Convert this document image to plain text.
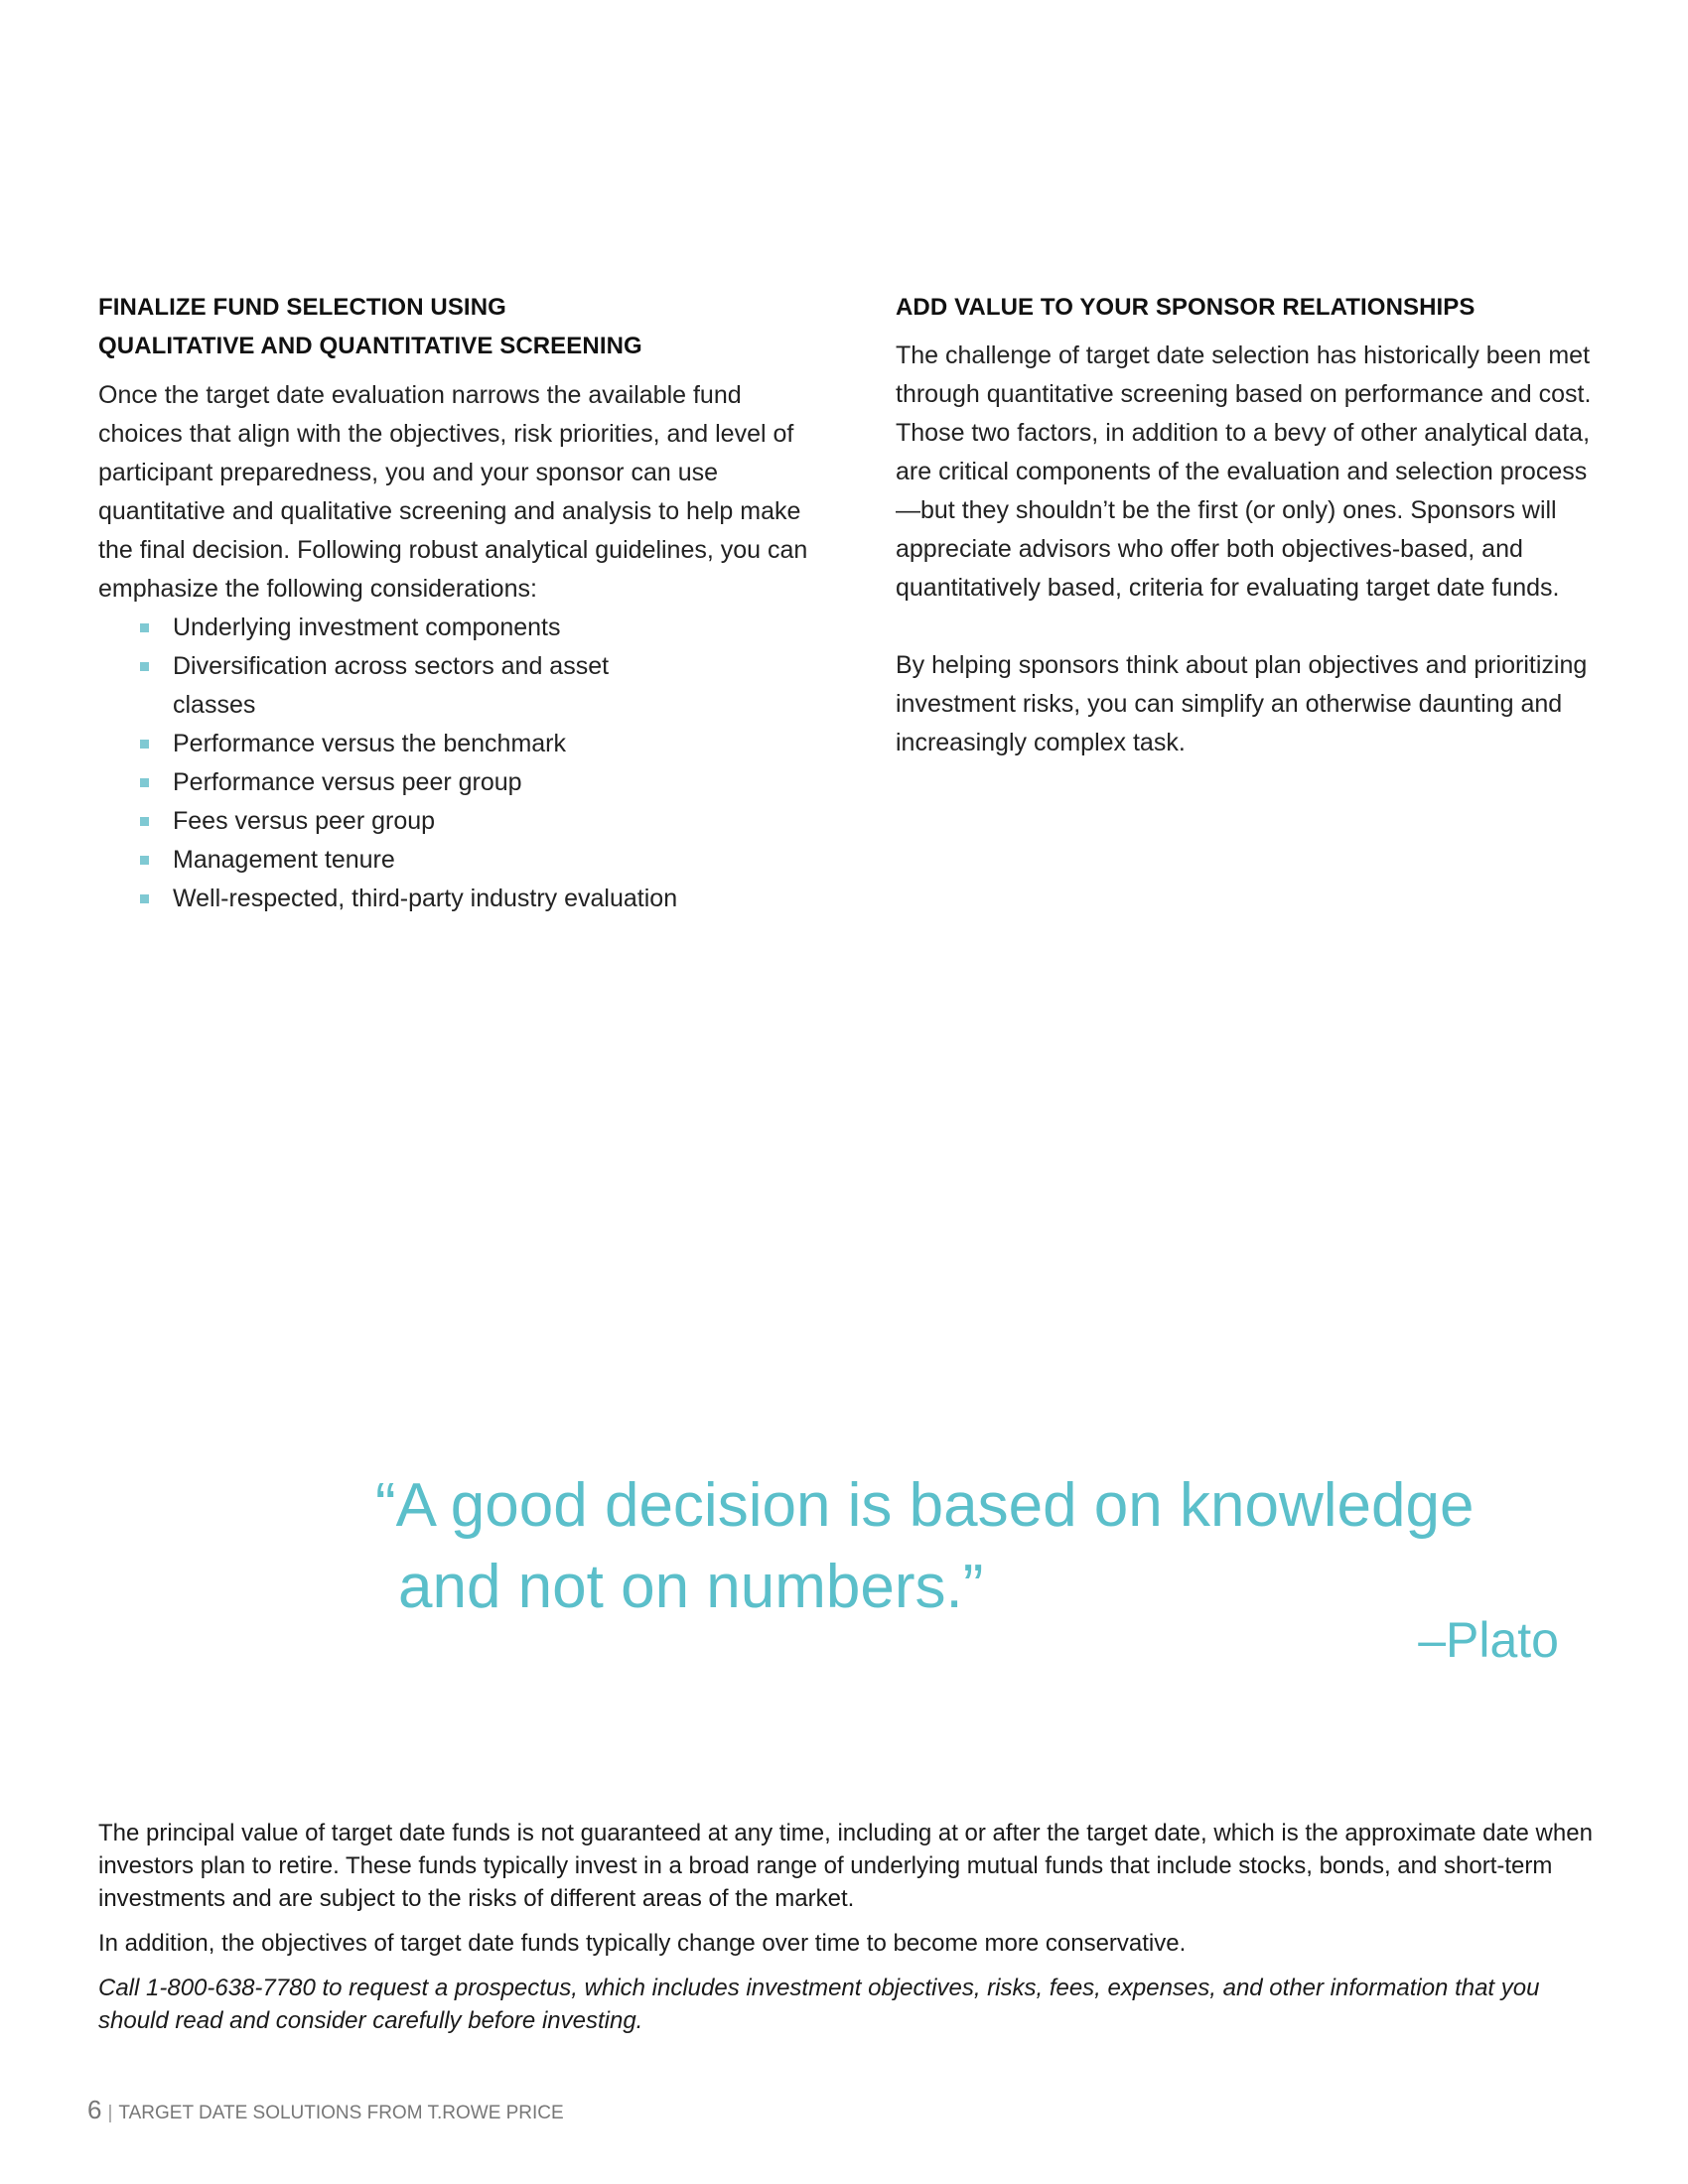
FINALIZE FUND SELECTION USING
QUALITATIVE AND QUANTITATIVE SCREENING

Once the target date evaluation narrows the available fund choices that align with the objectives, risk priorities, and level of participant preparedness, you and your sponsor can use quantitative and qualitative screening and analysis to help make the final decision. Following robust analytical guidelines, you can emphasize the following considerations:

Underlying investment components
Diversification across sectors and asset classes
Performance versus the benchmark
Performance versus peer group
Fees versus peer group
Management tenure
Well-respected, third-party industry evaluation
ADD VALUE TO YOUR SPONSOR RELATIONSHIPS

The challenge of target date selection has historically been met through quantitative screening based on performance and cost. Those two factors, in addition to a bevy of other analytical data, are critical components of the evaluation and selection process—but they shouldn’t be the first (or only) ones. Sponsors will appreciate advisors who offer both objectives-based, and quantitatively based, criteria for evaluating target date funds.

By helping sponsors think about plan objectives and prioritizing investment risks, you can simplify an otherwise daunting and increasingly complex task.

“A good decision is based on knowledge
and not on numbers.”

–Plato

The principal value of target date funds is not guaranteed at any time, including at or after the target date, which is the approximate date when investors plan to retire. These funds typically invest in a broad range of underlying mutual funds that include stocks, bonds, and short-term investments and are subject to the risks of different areas of the market.

In addition, the objectives of target date funds typically change over time to become more conservative.

Call 1-800-638-7780 to request a prospectus, which includes investment objectives, risks, fees, expenses, and other information that you should read and consider carefully before investing.

6 | TARGET DATE SOLUTIONS FROM T.ROWE PRICE
